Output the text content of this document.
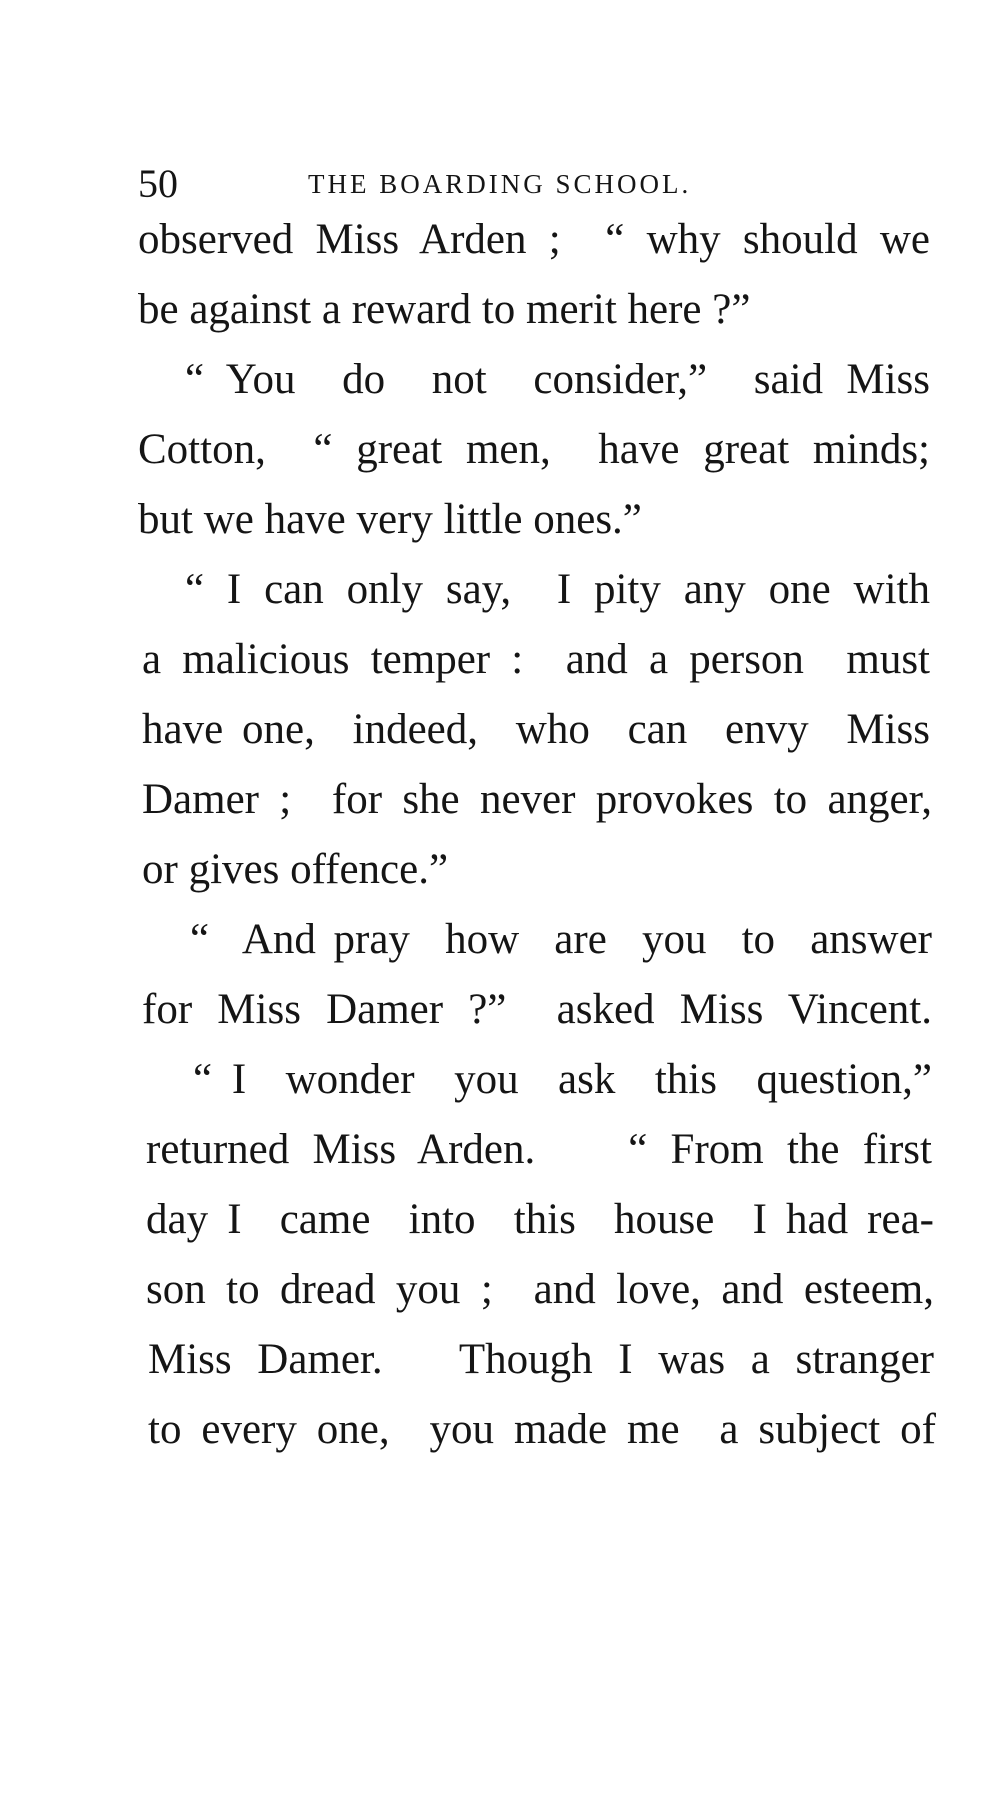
50	THE BOARDING SCHOOL.
observed Miss Arden ;  “ why should we
be against a reward to merit here ?”
“ You  do  not  consider,”  said Miss
Cotton,  “ great men,  have great minds;
but we have very little ones.”
“ I can only say,  I pity any one with
a malicious temper :  and a person  must
have one,  indeed,  who  can  envy  Miss
Damer ;  for she never provokes to anger,
or gives offence.”
“  And pray  how  are  you  to  answer
for Miss Damer ?”  asked Miss Vincent.
“ I  wonder  you  ask  this  question,”
returned Miss Arden.    “ From the first
day I  came  into  this  house  I had rea-
son to dread you ;  and love, and esteem,
Miss Damer.   Though I was a stranger
to every one,  you made me  a subject of
